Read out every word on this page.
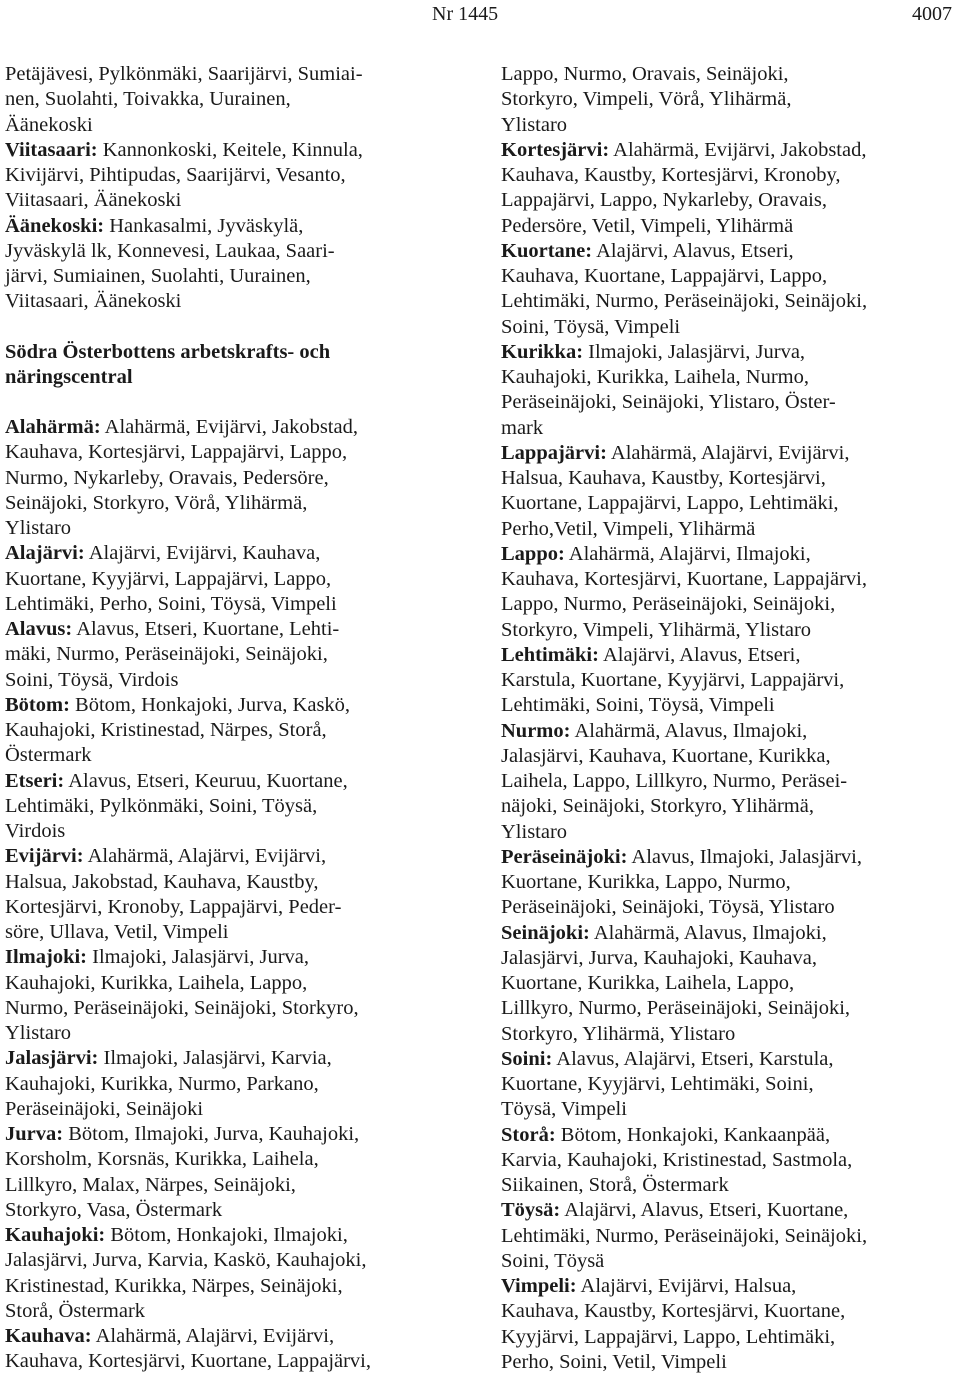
Nr 1445	4007
Petäjävesi, Pylkönmäki, Saarijärvi, Sumiai-
nen, Suolahti, Toivakka, Uurainen,
Äänekoski
Viitasaari: Kannonkoski, Keitele, Kinnula,
Kivijärvi, Pihtipudas, Saarijärvi, Vesanto,
Viitasaari, Äänekoski
Äänekoski: Hankasalmi, Jyväskylä,
Jyväskylä lk, Konnevesi, Laukaa, Saari-
järvi, Sumiainen, Suolahti, Uurainen,
Viitasaari, Äänekoski
Södra Österbottens arbetskrafts- och
näringscentral
Alahärmä: Alahärmä, Evijärvi, Jakobstad,
Kauhava, Kortesjärvi, Lappajärvi, Lappo,
Nurmo, Nykarleby, Oravais, Pedersöre,
Seinäjoki, Storkyro, Vörå, Ylihärmä,
Ylistaro
Alajärvi: Alajärvi, Evijärvi, Kauhava,
Kuortane, Kyyjärvi, Lappajärvi, Lappo,
Lehtimäki, Perho, Soini, Töysä, Vimpeli
Alavus: Alavus, Etseri, Kuortane, Lehti-
mäki, Nurmo, Peräseinäjoki, Seinäjoki,
Soini, Töysä, Virdois
Bötom: Bötom, Honkajoki, Jurva, Kaskö,
Kauhajoki, Kristinestad, Närpes, Storå,
Östermark
Etseri: Alavus, Etseri, Keuruu, Kuortane,
Lehtimäki, Pylkönmäki, Soini, Töysä,
Virdois
Evijärvi: Alahärmä, Alajärvi, Evijärvi,
Halsua, Jakobstad, Kauhava, Kaustby,
Kortesjärvi, Kronoby, Lappajärvi, Peder-
söre, Ullava, Vetil, Vimpeli
Ilmajoki: Ilmajoki, Jalasjärvi, Jurva,
Kauhajoki, Kurikka, Laihela, Lappo,
Nurmo, Peräseinäjoki, Seinäjoki, Storkyro,
Ylistaro
Jalasjärvi: Ilmajoki, Jalasjärvi, Karvia,
Kauhajoki, Kurikka, Nurmo, Parkano,
Peräseinäjoki, Seinäjoki
Jurva: Bötom, Ilmajoki, Jurva, Kauhajoki,
Korsholm, Korsnäs, Kurikka, Laihela,
Lillkyro, Malax, Närpes, Seinäjoki,
Storkyro, Vasa, Östermark
Kauhajoki: Bötom, Honkajoki, Ilmajoki,
Jalasjärvi, Jurva, Karvia, Kaskö, Kauhajoki,
Kristinestad, Kurikka, Närpes, Seinäjoki,
Storå, Östermark
Kauhava: Alahärmä, Alajärvi, Evijärvi,
Kauhava, Kortesjärvi, Kuortane, Lappajärvi,
Lappo, Nurmo, Oravais, Seinäjoki,
Storkyro, Vimpeli, Vörå, Ylihärmä,
Ylistaro
Kortesjärvi: Alahärmä, Evijärvi, Jakobstad,
Kauhava, Kaustby, Kortesjärvi, Kronoby,
Lappajärvi, Lappo, Nykarleby, Oravais,
Pedersöre, Vetil, Vimpeli, Ylihärmä
Kuortane: Alajärvi, Alavus, Etseri,
Kauhava, Kuortane, Lappajärvi, Lappo,
Lehtimäki, Nurmo, Peräseinäjoki, Seinäjoki,
Soini, Töysä, Vimpeli
Kurikka: Ilmajoki, Jalasjärvi, Jurva,
Kauhajoki, Kurikka, Laihela, Nurmo,
Peräseinäjoki, Seinäjoki, Ylistaro, Öster-
mark
Lappajärvi: Alahärmä, Alajärvi, Evijärvi,
Halsua, Kauhava, Kaustby, Kortesjärvi,
Kuortane, Lappajärvi, Lappo, Lehtimäki,
Perho,Vetil, Vimpeli, Ylihärmä
Lappo: Alahärmä, Alajärvi, Ilmajoki,
Kauhava, Kortesjärvi, Kuortane, Lappajärvi,
Lappo, Nurmo, Peräseinäjoki, Seinäjoki,
Storkyro, Vimpeli, Ylihärmä, Ylistaro
Lehtimäki: Alajärvi, Alavus, Etseri,
Karstula, Kuortane, Kyyjärvi, Lappajärvi,
Lehtimäki, Soini, Töysä, Vimpeli
Nurmo: Alahärmä, Alavus, Ilmajoki,
Jalasjärvi, Kauhava, Kuortane, Kurikka,
Laihela, Lappo, Lillkyro, Nurmo, Peräsei-
näjoki, Seinäjoki, Storkyro, Ylihärmä,
Ylistaro
Peräseinäjoki: Alavus, Ilmajoki, Jalasjärvi,
Kuortane, Kurikka, Lappo, Nurmo,
Peräseinäjoki, Seinäjoki, Töysä, Ylistaro
Seinäjoki: Alahärmä, Alavus, Ilmajoki,
Jalasjärvi, Jurva, Kauhajoki, Kauhava,
Kuortane, Kurikka, Laihela, Lappo,
Lillkyro, Nurmo, Peräseinäjoki, Seinäjoki,
Storkyro, Ylihärmä, Ylistaro
Soini: Alavus, Alajärvi, Etseri, Karstula,
Kuortane, Kyyjärvi, Lehtimäki, Soini,
Töysä, Vimpeli
Storå: Bötom, Honkajoki, Kankaanpää,
Karvia, Kauhajoki, Kristinestad, Sastmola,
Siikainen, Storå, Östermark
Töysä: Alajärvi, Alavus, Etseri, Kuortane,
Lehtimäki, Nurmo, Peräseinäjoki, Seinäjoki,
Soini, Töysä
Vimpeli: Alajärvi, Evijärvi, Halsua,
Kauhava, Kaustby, Kortesjärvi, Kuortane,
Kyyjärvi, Lappajärvi, Lappo, Lehtimäki,
Perho, Soini, Vetil, Vimpeli
